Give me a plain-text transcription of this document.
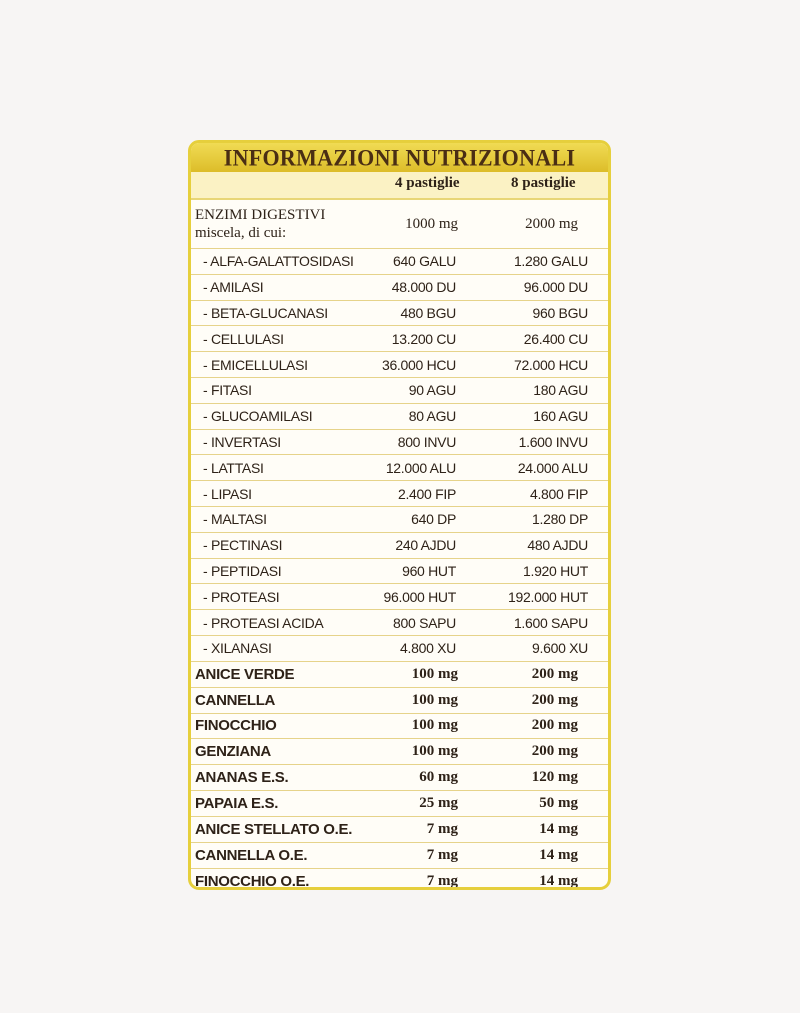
INFORMAZIONI NUTRIZIONALI
4 pastiglie	8 pastiglie
ENZIMI DIGESTIVI
miscela, di cui:
1000 mg	2000 mg
- ALFA-GALATTOSIDASI	640 GALU	1.280 GALU
- AMILASI	48.000 DU	96.000 DU
- BETA-GLUCANASI	480 BGU	960 BGU
- CELLULASI	13.200 CU	26.400 CU
- EMICELLULASI	36.000 HCU	72.000 HCU
- FITASI	90 AGU	180 AGU
- GLUCOAMILASI	80 AGU	160 AGU
- INVERTASI	800 INVU	1.600 INVU
- LATTASI	12.000 ALU	24.000 ALU
- LIPASI	2.400 FIP	4.800 FIP
- MALTASI	640 DP	1.280 DP
- PECTINASI	240 AJDU	480 AJDU
- PEPTIDASI	960 HUT	1.920 HUT
- PROTEASI	96.000 HUT	192.000 HUT
- PROTEASI ACIDA	800 SAPU	1.600 SAPU
- XILANASI	4.800 XU	9.600 XU
ANICE VERDE	100 mg	200 mg
CANNELLA	100 mg	200 mg
FINOCCHIO	100 mg	200 mg
GENZIANA	100 mg	200 mg
ANANAS E.S.	60 mg	120 mg
PAPAIA E.S.	25 mg	50 mg
ANICE STELLATO O.E.	7 mg	14 mg
CANNELLA O.E.	7 mg	14 mg
FINOCCHIO O.E.	7 mg	14 mg
